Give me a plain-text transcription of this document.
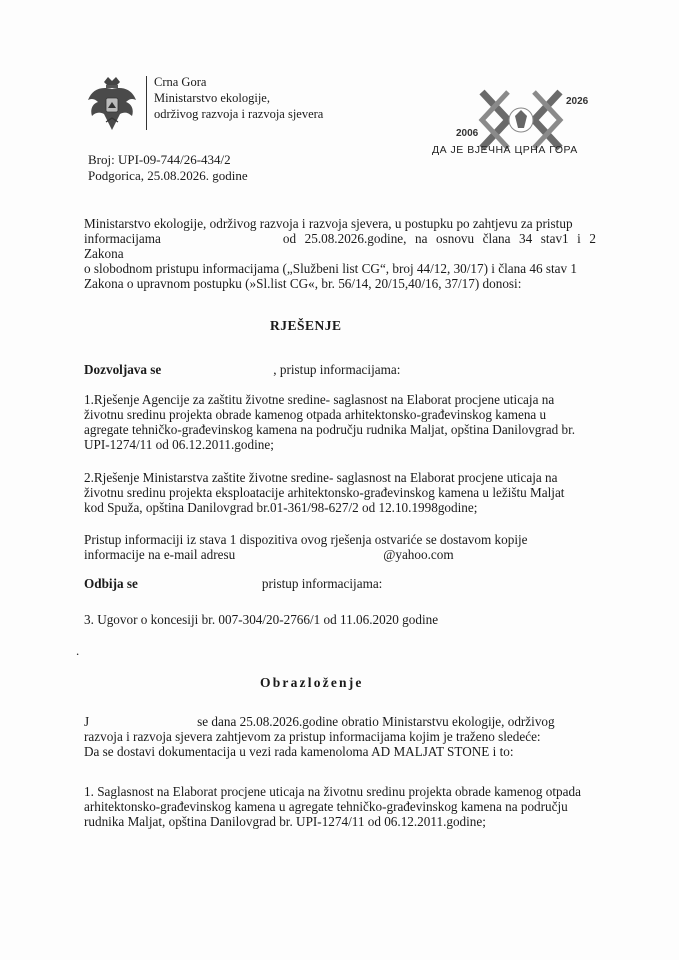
Crna Gora
Ministarstvo ekologije,
održivog razvoja i razvoja sjevera
2026
2006
ДА ЈЕ ВЈЕЧНА ЦРНА ГОРА
Broj: UPI-09-744/26-434/2
Podgorica, 25.08.2026. godine

Ministarstvo ekologije, održivog razvoja i razvoja sjevera, u postupku po zahtjevu za pristup

informacijama	od 25.08.2026.godine, na osnovu člana 34 stav1 i 2 Zakona

o slobodnom pristupu informacijama („Službeni list CG“, broj 44/12, 30/17) i člana 46 stav 1

Zakona o upravnom postupku (»Sl.list CG«, br. 56/14, 20/15,40/16, 37/17) donosi:

RJEŠENJE
Dozvoljava se	, pristup informacijama:

1.Rješenje Agencije za zaštitu životne sredine- saglasnost na Elaborat procjene uticaja na

životnu sredinu projekta obrade kamenog otpada arhitektonsko-građevinskog kamena u

agregate tehničko-građevinskog kamena na području rudnika Maljat, opština Danilovgrad br.

UPI-1274/11 od 06.12.2011.godine;

2.Rješenje Ministarstva zaštite životne sredine- saglasnost na Elaborat procjene uticaja na

životnu sredinu projekta eksploatacije arhitektonsko-građevinskog kamena u ležištu Maljat

kod Spuža, opština Danilovgrad br.01-361/98-627/2 od 12.10.1998godine;

Pristup informaciji iz stava 1 dispozitiva ovog rješenja ostvariće se dostavom kopije

informacije na e-mail adresu	@yahoo.com

Odbija se	pristup informacijama:
3. Ugovor o koncesiji br. 007-304/20-2766/1 od 11.06.2020 godine
.
Obrazloženje

J	se dana 25.08.2026.godine obratio Ministarstvu ekologije, održivog

razvoja i razvoja sjevera zahtjevom za pristup informacijama kojim je traženo sledeće:

Da se dostavi dokumentacija u vezi rada kamenoloma AD MALJAT STONE i to:

1. Saglasnost na Elaborat procjene uticaja na životnu sredinu projekta obrade kamenog otpada

arhitektonsko-građevinskog kamena u agregate tehničko-građevinskog kamena na području

rudnika Maljat, opština Danilovgrad br. UPI-1274/11 od 06.12.2011.godine;
